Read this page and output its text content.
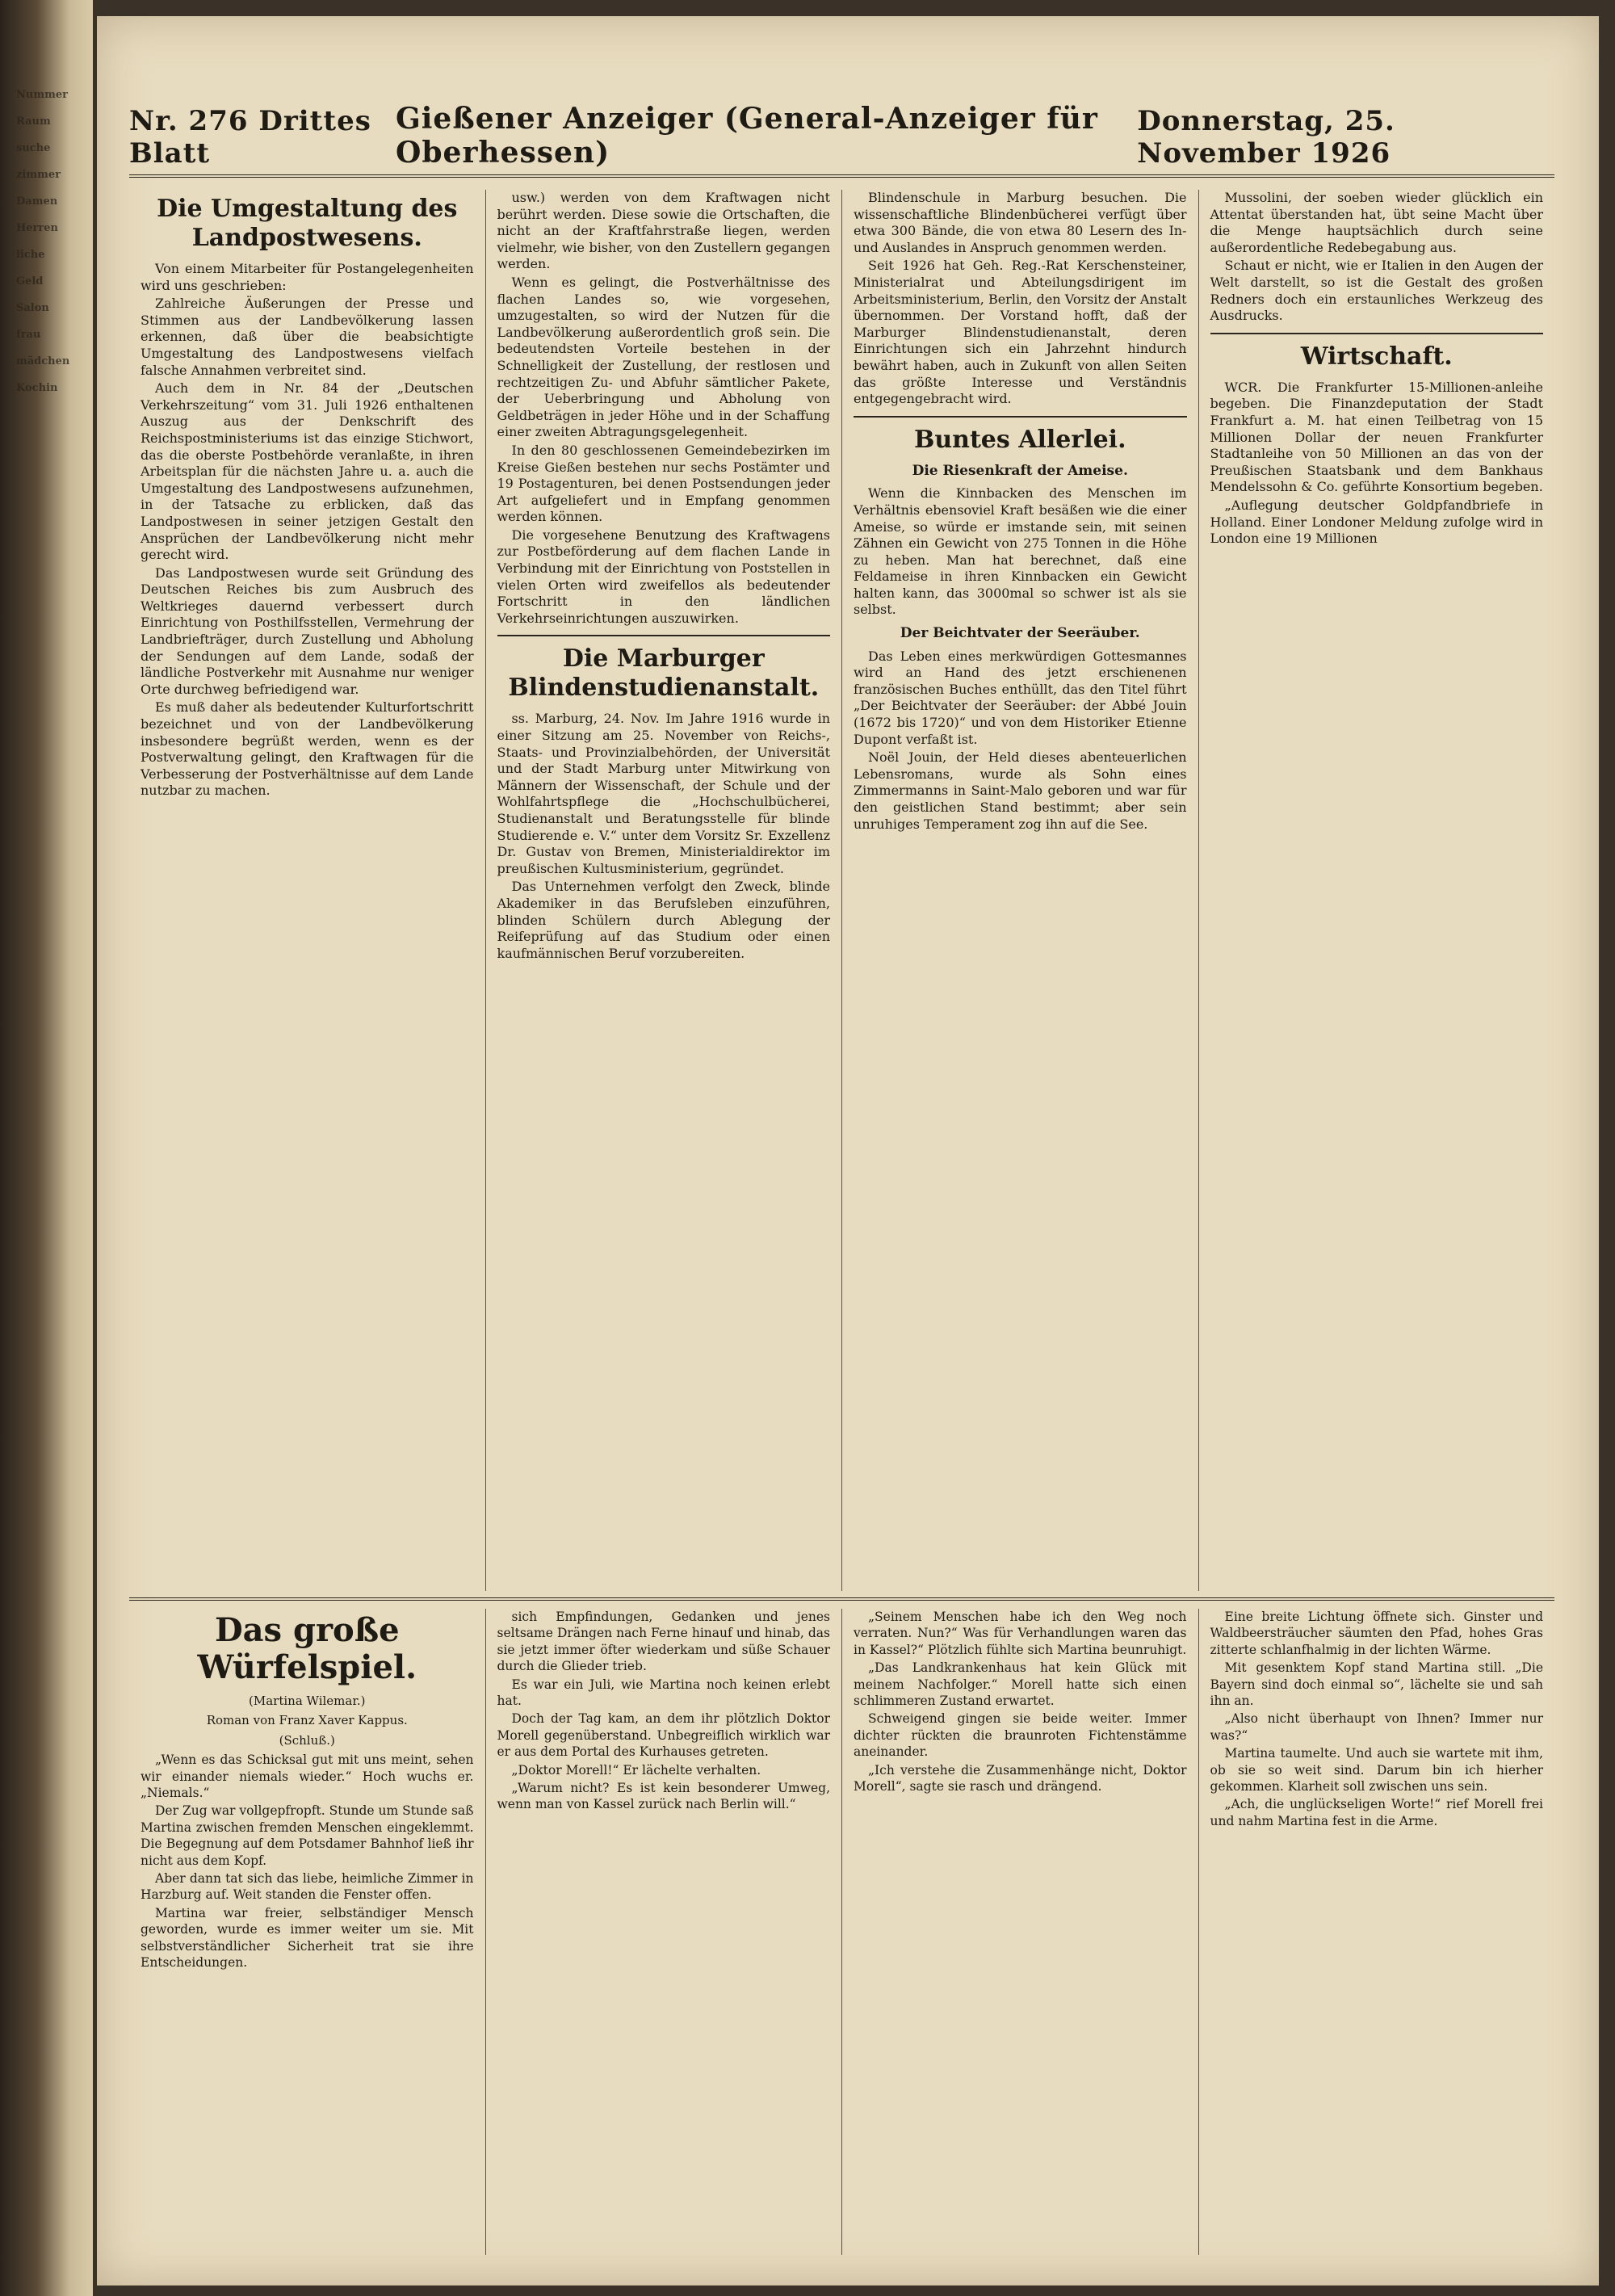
Nummer

Raum

suche

zimmer

Damen

Herren

liche

Geld

Salon

frau

mädchen

Kochin

Nr. 276 Drittes Blatt
Gießener Anzeiger (General-Anzeiger für Oberhessen)
Donnerstag, 25. November 1926
Die Umgestaltung des Landpostwesens.

Von einem Mitarbeiter für Postangelegenheiten wird uns geschrieben:

Zahlreiche Äußerungen der Presse und Stimmen aus der Landbevölkerung lassen erkennen, daß über die beabsichtigte Umgestaltung des Landpostwesens vielfach falsche Annahmen verbreitet sind.

Auch dem in Nr. 84 der „Deutschen Verkehrszeitung“ vom 31. Juli 1926 enthaltenen Auszug aus der Denkschrift des Reichspostministeriums ist das einzige Stichwort, das die oberste Postbehörde veranlaßte, in ihren Arbeitsplan für die nächsten Jahre u. a. auch die Umgestaltung des Landpostwesens aufzunehmen, in der Tatsache zu erblicken, daß das Landpostwesen in seiner jetzigen Gestalt den Ansprüchen der Landbevölkerung nicht mehr gerecht wird.

Das Landpostwesen wurde seit Gründung des Deutschen Reiches bis zum Ausbruch des Weltkrieges dauernd verbessert durch Einrichtung von Posthilfsstellen, Vermehrung der Landbriefträger, durch Zustellung und Abholung der Sendungen auf dem Lande, sodaß der ländliche Postverkehr mit Ausnahme nur weniger Orte durchweg befriedigend war.

Es muß daher als bedeutender Kulturfortschritt bezeichnet und von der Landbevölkerung insbesondere begrüßt werden, wenn es der Postverwaltung gelingt, den Kraftwagen für die Verbesserung der Postverhältnisse auf dem Lande nutzbar zu machen.

usw.) werden von dem Kraftwagen nicht berührt werden. Diese sowie die Ortschaften, die nicht an der Kraftfahrstraße liegen, werden vielmehr, wie bisher, von den Zustellern gegangen werden.

Wenn es gelingt, die Postverhältnisse des flachen Landes so, wie vorgesehen, umzugestalten, so wird der Nutzen für die Landbevölkerung außerordentlich groß sein. Die bedeutendsten Vorteile bestehen in der Schnelligkeit der Zustellung, der restlosen und rechtzeitigen Zu- und Abfuhr sämtlicher Pakete, der Ueberbringung und Abholung von Geldbeträgen in jeder Höhe und in der Schaffung einer zweiten Abtragungsgelegenheit.

In den 80 geschlossenen Gemeindebezirken im Kreise Gießen bestehen nur sechs Postämter und 19 Postagenturen, bei denen Postsendungen jeder Art aufgeliefert und in Empfang genommen werden können.

Die vorgesehene Benutzung des Kraftwagens zur Postbeförderung auf dem flachen Lande in Verbindung mit der Einrichtung von Poststellen in vielen Orten wird zweifellos als bedeutender Fortschritt in den ländlichen Verkehrseinrichtungen auszuwirken.

Die Marburger Blindenstudienanstalt.

ss. Marburg, 24. Nov. Im Jahre 1916 wurde in einer Sitzung am 25. November von Reichs-, Staats- und Provinzialbehörden, der Universität und der Stadt Marburg unter Mitwirkung von Männern der Wissenschaft, der Schule und der Wohlfahrtspflege die „Hochschulbücherei, Studienanstalt und Beratungsstelle für blinde Studierende e. V.“ unter dem Vorsitz Sr. Exzellenz Dr. Gustav von Bremen, Ministerialdirektor im preußischen Kultusministerium, gegründet.

Das Unternehmen verfolgt den Zweck, blinde Akademiker in das Berufsleben einzuführen, blinden Schülern durch Ablegung der Reifeprüfung auf das Studium oder einen kaufmännischen Beruf vorzubereiten.

Blindenschule in Marburg besuchen. Die wissenschaftliche Blindenbücherei verfügt über etwa 300 Bände, die von etwa 80 Lesern des In- und Auslandes in Anspruch genommen werden.

Seit 1926 hat Geh. Reg.-Rat Kerschensteiner, Ministerialrat und Abteilungsdirigent im Arbeitsministerium, Berlin, den Vorsitz der Anstalt übernommen. Der Vorstand hofft, daß der Marburger Blindenstudienanstalt, deren Einrichtungen sich ein Jahrzehnt hindurch bewährt haben, auch in Zukunft von allen Seiten das größte Interesse und Verständnis entgegengebracht wird.

Buntes Allerlei.
Die Riesenkraft der Ameise.

Wenn die Kinnbacken des Menschen im Verhältnis ebensoviel Kraft besäßen wie die einer Ameise, so würde er imstande sein, mit seinen Zähnen ein Gewicht von 275 Tonnen in die Höhe zu heben. Man hat berechnet, daß eine Feldameise in ihren Kinnbacken ein Gewicht halten kann, das 3000mal so schwer ist als sie selbst.

Der Beichtvater der Seeräuber.

Das Leben eines merkwürdigen Gottesmannes wird an Hand des jetzt erschienenen französischen Buches enthüllt, das den Titel führt „Der Beichtvater der Seeräuber: der Abbé Jouin (1672 bis 1720)“ und von dem Historiker Etienne Dupont verfaßt ist.

Noël Jouin, der Held dieses abenteuerlichen Lebensromans, wurde als Sohn eines Zimmermanns in Saint-Malo geboren und war für den geistlichen Stand bestimmt; aber sein unruhiges Temperament zog ihn auf die See.

Mussolini, der soeben wieder glücklich ein Attentat überstanden hat, übt seine Macht über die Menge hauptsächlich durch seine außerordentliche Redebegabung aus.

Schaut er nicht, wie er Italien in den Augen der Welt darstellt, so ist die Gestalt des großen Redners doch ein erstaunliches Werkzeug des Ausdrucks.

Wirtschaft.

WCR. Die Frankfurter 15-Millionen-anleihe begeben. Die Finanzdeputation der Stadt Frankfurt a. M. hat einen Teilbetrag von 15 Millionen Dollar der neuen Frankfurter Stadtanleihe von 50 Millionen an das von der Preußischen Staatsbank und dem Bankhaus Mendelssohn & Co. geführte Konsortium begeben.

„Auflegung deutscher Goldpfandbriefe in Holland. Einer Londoner Meldung zufolge wird in London eine 19 Millionen

Das große Würfelspiel.
(Martina Wilemar.)
Roman von Franz Xaver Kappus.
(Schluß.)

„Wenn es das Schicksal gut mit uns meint, sehen wir einander niemals wieder.“ Hoch wuchs er. „Niemals.“

Der Zug war vollgepfropft. Stunde um Stunde saß Martina zwischen fremden Menschen eingeklemmt. Die Begegnung auf dem Potsdamer Bahnhof ließ ihr nicht aus dem Kopf.

Aber dann tat sich das liebe, heimliche Zimmer in Harzburg auf. Weit standen die Fenster offen.

Martina war freier, selbständiger Mensch geworden, wurde es immer weiter um sie. Mit selbstverständlicher Sicherheit trat sie ihre Entscheidungen.

sich Empfindungen, Gedanken und jenes seltsame Drängen nach Ferne hinauf und hinab, das sie jetzt immer öfter wiederkam und süße Schauer durch die Glieder trieb.

Es war ein Juli, wie Martina noch keinen erlebt hat.

Doch der Tag kam, an dem ihr plötzlich Doktor Morell gegenüberstand. Unbegreiflich wirklich war er aus dem Portal des Kurhauses getreten.

„Doktor Morell!“ Er lächelte verhalten.

„Warum nicht? Es ist kein besonderer Umweg, wenn man von Kassel zurück nach Berlin will.“

„Seinem Menschen habe ich den Weg noch verraten. Nun?“ Was für Verhandlungen waren das in Kassel?“ Plötzlich fühlte sich Martina beunruhigt.

„Das Landkrankenhaus hat kein Glück mit meinem Nachfolger.“ Morell hatte sich einen schlimmeren Zustand erwartet.

Schweigend gingen sie beide weiter. Immer dichter rückten die braunroten Fichtenstämme aneinander.

„Ich verstehe die Zusammenhänge nicht, Doktor Morell“, sagte sie rasch und drängend.

Eine breite Lichtung öffnete sich. Ginster und Waldbeersträucher säumten den Pfad, hohes Gras zitterte schlanfhalmig in der lichten Wärme.

Mit gesenktem Kopf stand Martina still. „Die Bayern sind doch einmal so“, lächelte sie und sah ihn an.

„Also nicht überhaupt von Ihnen? Immer nur was?“

Martina taumelte. Und auch sie wartete mit ihm, ob sie so weit sind. Darum bin ich hierher gekommen. Klarheit soll zwischen uns sein.

„Ach, die unglückseligen Worte!“ rief Morell frei und nahm Martina fest in die Arme.
